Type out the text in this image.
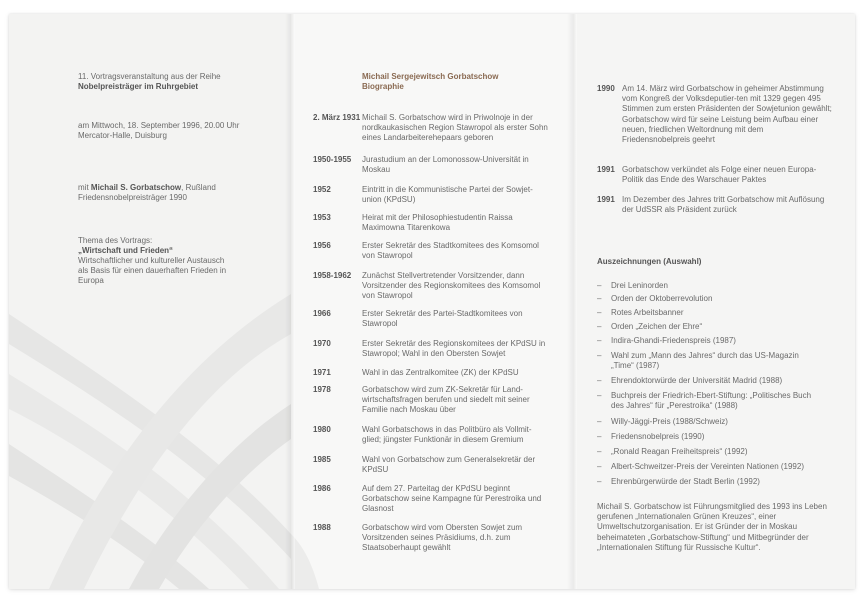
11. Vortragsveranstaltung aus der Reihe
Nobelpreisträger im Ruhrgebiet
am Mittwoch, 18. September 1996, 20.00 Uhr
Mercator-Halle, Duisburg
mit Michail S. Gorbatschow, Rußland
Friedensnobelpreisträger 1990
Thema des Vortrags:
„Wirtschaft und Frieden“
Wirtschaftlicher und kultureller Austausch als Basis für einen dauerhaften Frieden in Europa
Michail Sergejewitsch Gorbatschow
Biographie
2. März 1931 Michail S. Gorbatschow wird in Priwolnoje in der nordkaukasischen Region Stawropol als erster Sohn eines Landarbeiterehepaars geboren
1950-1955 Jurastudium an der Lomonossow-Universität in Moskau
1952	Eintritt in die Kommunistische Partei der Sowjet-union (KPdSU)
1953	Heirat mit der Philosophiestudentin Raissa Maximowna Titarenkowa
1956	Erster Sekretär des Stadtkomitees des Komsomol von Stawropol
1958-1962 Zunächst Stellvertretender Vorsitzender, dann Vorsitzender des Regionskomitees des Komsomol von Stawropol
1966	Erster Sekretär des Partei-Stadtkomitees von Stawropol
1970	Erster Sekretär des Regionskomitees der KPdSU in Stawropol; Wahl in den Obersten Sowjet
1971	Wahl in das Zentralkomitee (ZK) der KPdSU
1978	Gorbatschow wird zum ZK-Sekretär für Land-wirtschaftsfragen berufen und siedelt mit seiner Familie nach Moskau über
1980	Wahl Gorbatschows in das Politbüro als Vollmit-glied; jüngster Funktionär in diesem Gremium
1985	Wahl von Gorbatschow zum Generalsekretär der KPdSU
1986	Auf dem 27. Parteitag der KPdSU beginnt Gorbatschow seine Kampagne für Perestroika und Glasnost
1988	Gorbatschow wird vom Obersten Sowjet zum Vorsitzenden seines Präsidiums, d.h. zum Staatsoberhaupt gewählt
1990 Am 14. März wird Gorbatschow in geheimer Abstimmung vom Kongreß der Volksdeputier-ten mit 1329 gegen 495 Stimmen zum ersten Präsidenten der Sowjetunion gewählt; Gorbatschow wird für seine Leistung beim Aufbau einer neuen, friedlichen Weltordnung mit dem Friedensnobelpreis geehrt
1991 Gorbatschow verkündet als Folge einer neuen Europa-Politik das Ende des Warschauer Paktes
1991 Im Dezember des Jahres tritt Gorbatschow mit Auflösung der UdSSR als Präsident zurück
Auszeichnungen (Auswahl)
– Drei Leninorden
– Orden der Oktoberrevolution
– Rotes Arbeitsbanner
– Orden „Zeichen der Ehre“
– Indira-Ghandi-Friedenspreis (1987)
– Wahl zum „Mann des Jahres“ durch das US-Magazin
„Time“ (1987)
– Ehrendoktorwürde der Universität Madrid (1988)
– Buchpreis der Friedrich-Ebert-Stiftung: „Politisches Buch
des Jahres“ für „Perestroika“ (1988)
– Willy-Jäggi-Preis (1988/Schweiz)
– Friedensnobelpreis (1990)
– „Ronald Reagan Freiheitspreis“ (1992)
– Albert-Schweitzer-Preis der Vereinten Nationen (1992)
– Ehrenbürgerwürde der Stadt Berlin (1992)
Michail S. Gorbatschow ist Führungsmitglied des 1993 ins Leben gerufenen „Internationalen Grünen Kreuzes“, einer Umweltschutzorganisation. Er ist Gründer der in Moskau beheimateten „Gorbatschow-Stiftung“ und Mitbegründer der „Internationalen Stiftung für Russische Kultur“.
